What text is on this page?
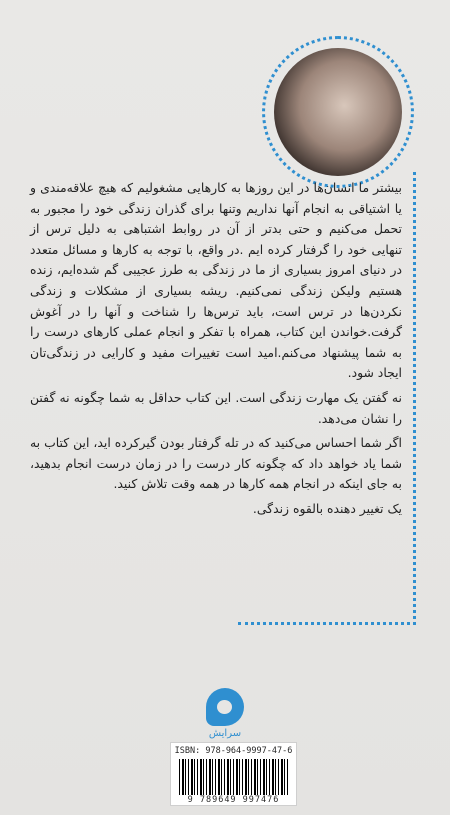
بیشتر ما انسان‌ها در این روزها به کارهایی مشغولیم که هیچ علاقه‌مندی و یا اشتیاقی به انجام آنها نداریم وتنها برای گذران زندگی خود را مجبور به تحمل می‌کنیم و حتی بدتر از آن در روابط اشتباهی به دلیل ترس از تنهایی خود را گرفتار کرده ایم .در واقع، با توجه به کارها و مسائل متعدد در دنیای امروز بسیاری از ما در زندگی به طرز عجیبی گم شده‌ایم، زنده هستیم ولیکن زندگی نمی‌کنیم. ریشه بسیاری از مشکلات و زندگی نکردن‌ها در ترس است، باید ترس‌ها را شناخت و آنها را در آغوش گرفت.خواندن این کتاب، همراه با تفکر و انجام عملی کارهای درست را به شما پیشنهاد می‌کنم.امید است تغییرات مفید و کارایی در زندگی‌تان ایجاد شود.

نه گفتن یک مهارت زندگی است. این کتاب حداقل به شما چگونه نه گفتن را نشان می‌دهد.

اگر شما احساس می‌کنید که در تله گرفتار بودن گیرکرده اید، این کتاب به شما یاد خواهد داد که چگونه کار درست را در زمان درست انجام بدهید، به جای اینکه در انجام همه کارها در همه وقت تلاش کنید.

یک تغییر دهنده بالقوه زندگی.

سرایش
ISBN: 978-964-9997-47-6
9 789649 997476
